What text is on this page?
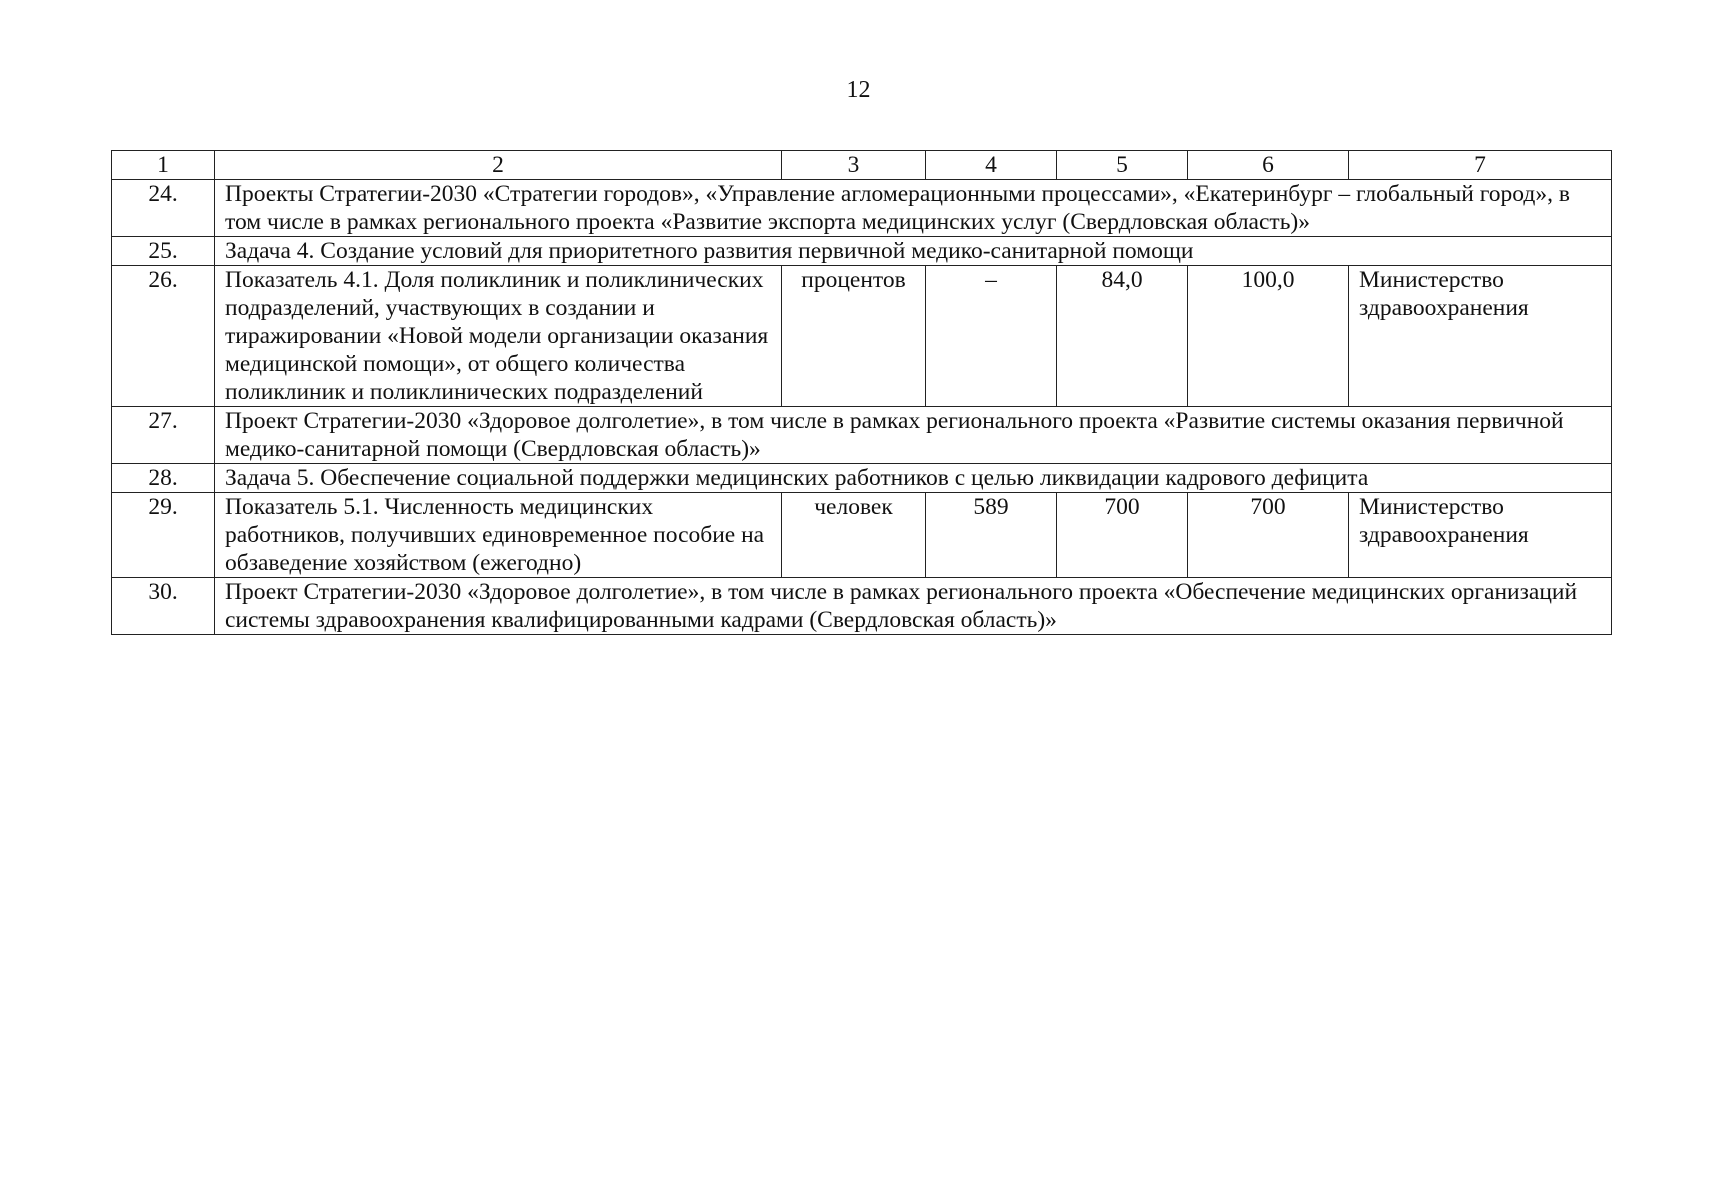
12
1	2	3	4	5	6	7
24.	Проекты Стратегии-2030 «Стратегии городов», «Управление агломерационными процессами», «Екатеринбург – глобальный город», в том числе в рамках регионального проекта «Развитие экспорта медицинских услуг (Свердловская область)»					
25.	Задача 4. Создание условий для приоритетного развития первичной медико-санитарной помощи					
26.	Показатель 4.1. Доля поликлиник и поликлинических подразделений, участвующих в создании и тиражировании «Новой модели организации оказания медицинской помощи», от общего количества поликлиник и поликлинических подразделений	процентов	–	84,0	100,0	Министерство здравоохранения
27.	Проект Стратегии-2030 «Здоровое долголетие», в том числе в рамках регионального проекта «Развитие системы оказания первичной медико-санитарной помощи (Свердловская область)»					
28.	Задача 5. Обеспечение социальной поддержки медицинских работников с целью ликвидации кадрового дефицита					
29.	Показатель 5.1. Численность медицинских работников, получивших единовременное пособие на обзаведение хозяйством (ежегодно)	человек	589	700	700	Министерство здравоохранения
30.	Проект Стратегии-2030 «Здоровое долголетие», в том числе в рамках регионального проекта «Обеспечение медицинских организаций системы здравоохранения квалифицированными кадрами (Свердловская область)»					
